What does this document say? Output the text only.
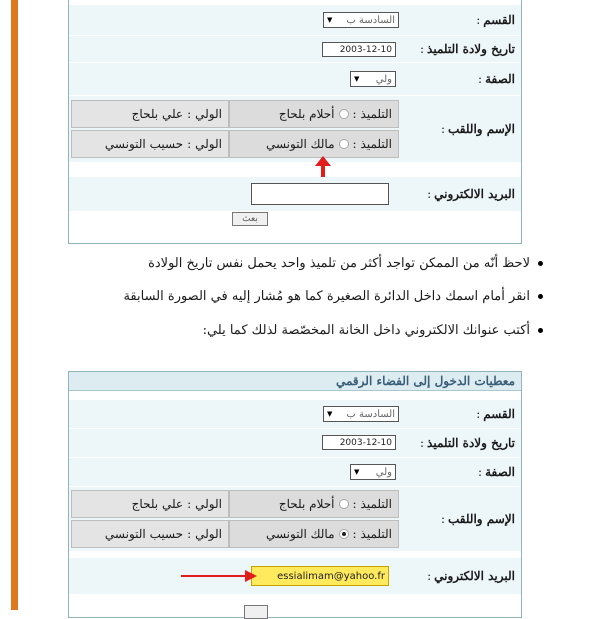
القسم
:
السادسة ب
▼
تاريخ ولادة التلميذ
:
2003-12-10
الصفة
:
ولي
▼
الإسم واللقب
:
التلميذ
:
أحلام بلحاج
الولي
:
علي بلحاج
التلميذ
:
مالك التونسي
الولي
:
حسيب التونسي
البريد الالكتروني
:
بعث
لاحظ أنّه من الممكن تواجد أكثر من تلميذ واحد يحمل نفس تاريخ الولادة
انقر أمام اسمك داخل الدائرة الصغيرة كما هو مُشار إليه في الصورة السابقة
أكتب عنوانك الالكتروني داخل الخانة المخصّصة لذلك كما يلي:
معطيات الدخول إلى الفضاء الرقمي
القسم
:
السادسة ب
▼
تاريخ ولادة التلميذ
:
2003-12-10
الصفة
:
ولي
▼
الإسم واللقب
:
التلميذ
:
أحلام بلحاج
الولي
:
علي بلحاج
التلميذ
:
مالك التونسي
الولي
:
حسيب التونسي
البريد الالكتروني
:
essialimam@yahoo.fr
